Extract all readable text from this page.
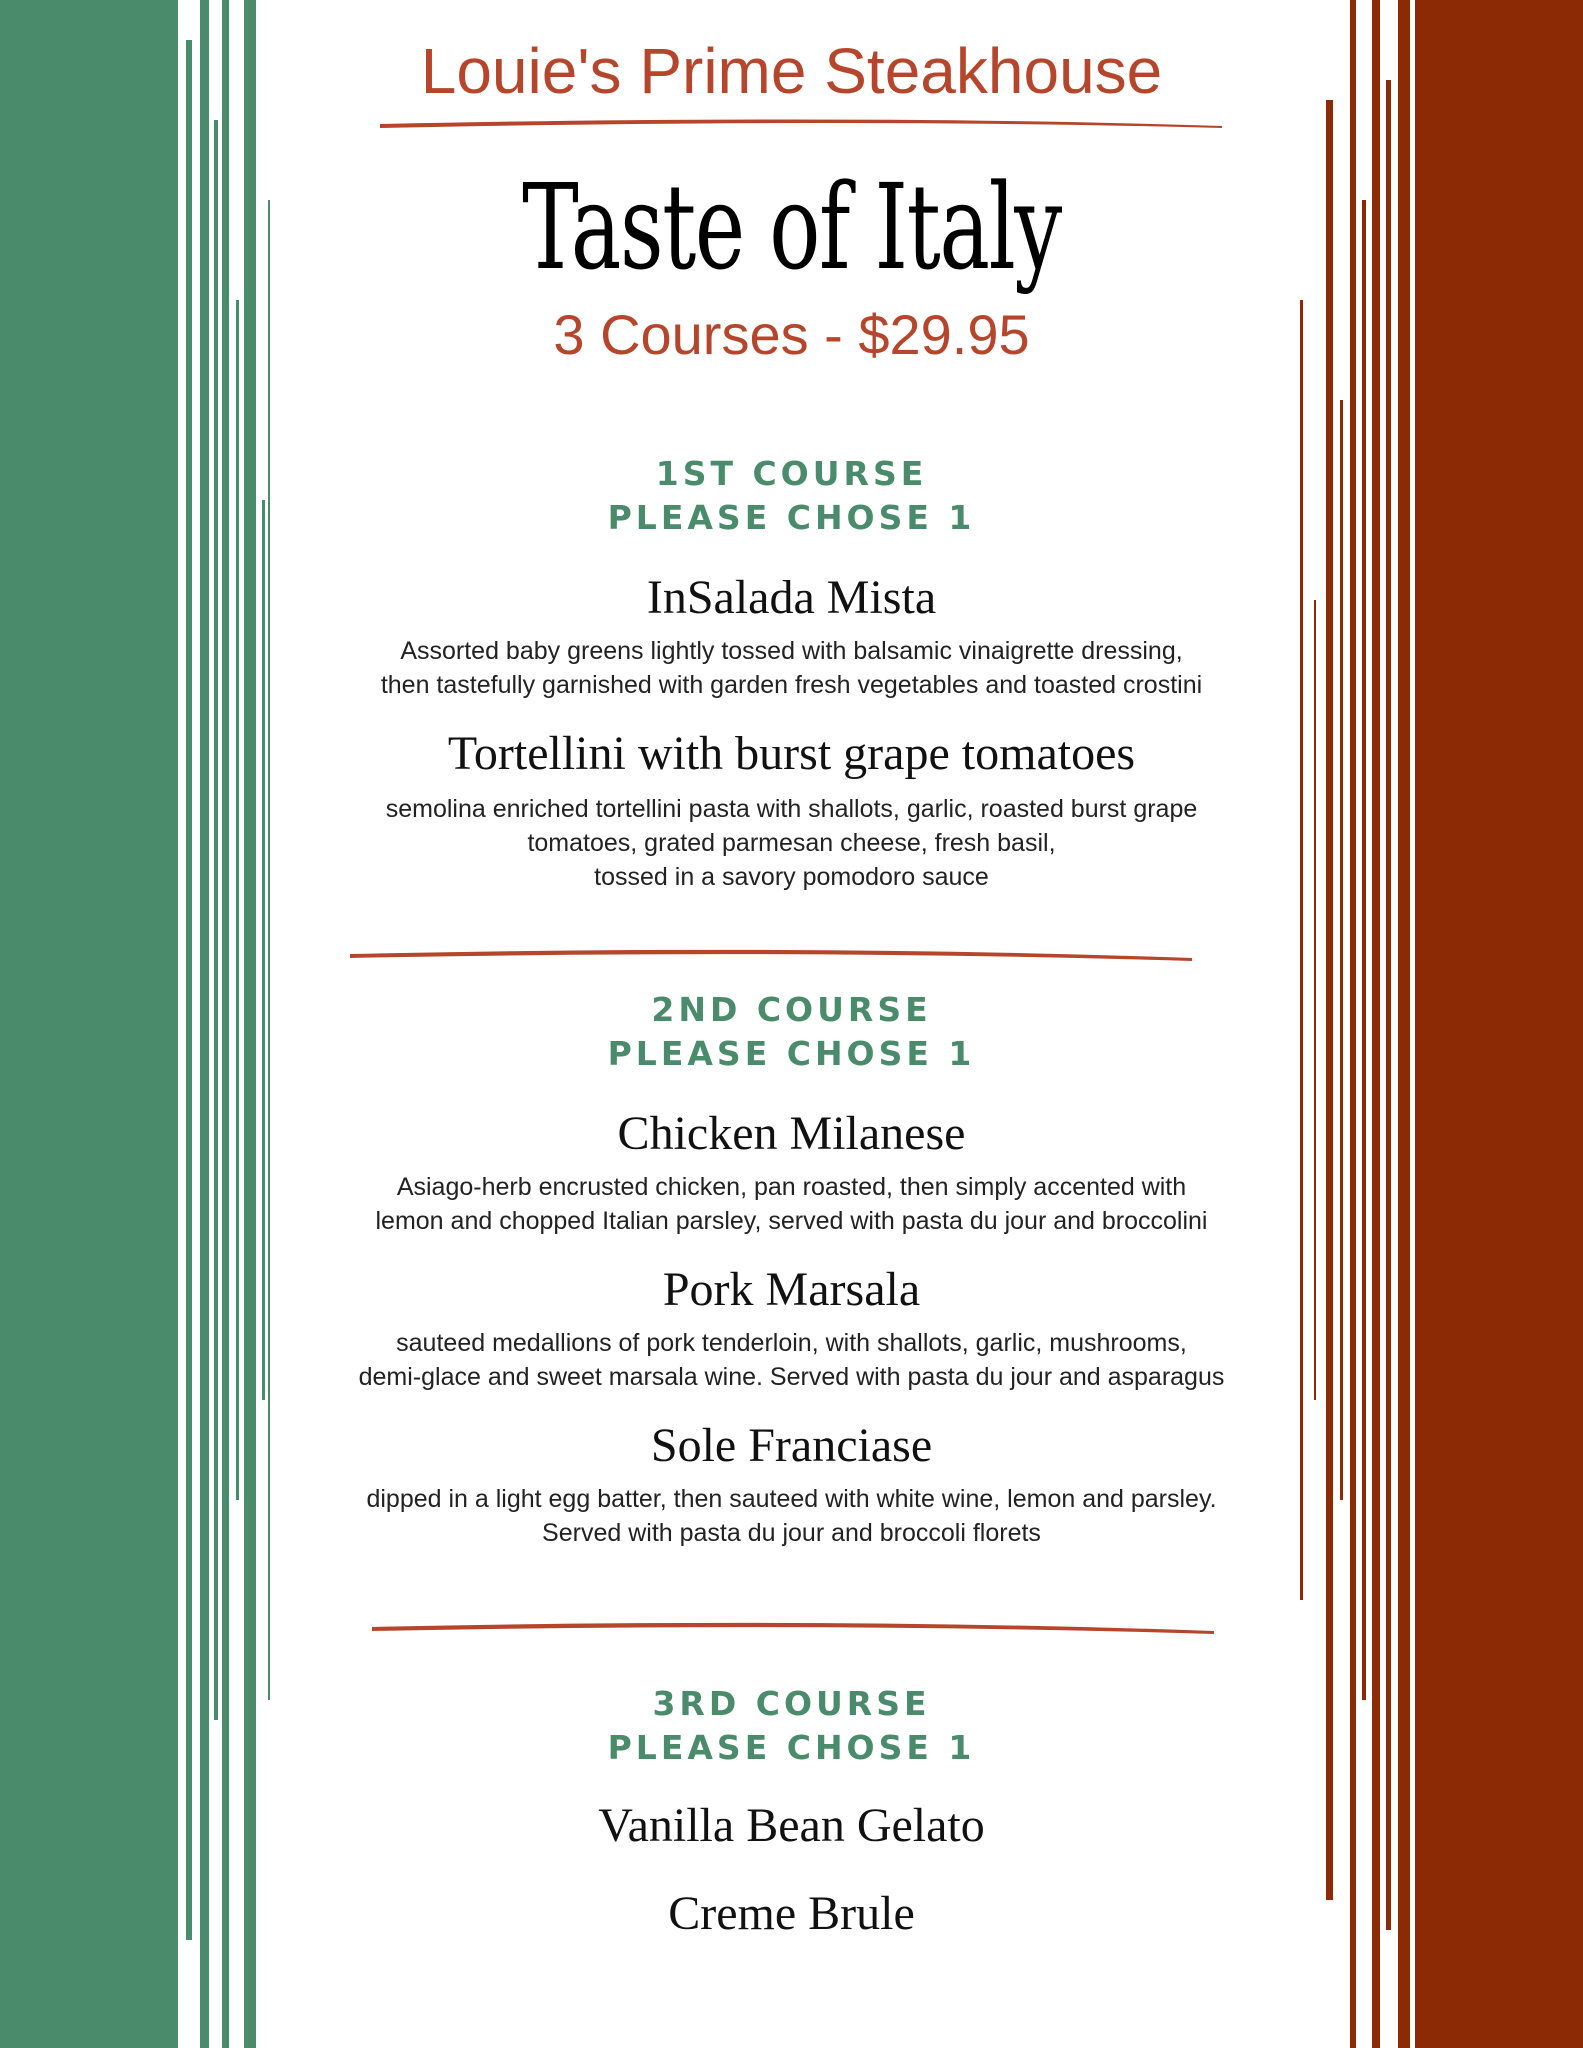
Louie's Prime Steakhouse
Taste of Italy
3 Courses - $29.95
1ST COURSE
PLEASE CHOSE 1
InSalada Mista
Assorted baby greens lightly tossed with balsamic vinaigrette dressing,
then tastefully garnished with garden fresh vegetables and toasted crostini
Tortellini with burst grape tomatoes
semolina enriched tortellini pasta with shallots, garlic, roasted burst grape
tomatoes, grated parmesan cheese, fresh basil,
tossed in a savory pomodoro sauce
2ND COURSE
PLEASE CHOSE 1
Chicken Milanese
Asiago-herb encrusted chicken, pan roasted, then simply accented with
lemon and chopped Italian parsley, served with pasta du jour and broccolini
Pork Marsala
sauteed medallions of pork tenderloin, with shallots, garlic, mushrooms,
demi-glace and sweet marsala wine. Served with pasta du jour and asparagus
Sole Franciase
dipped in a light egg batter, then sauteed with white wine, lemon and parsley.
Served with pasta du jour and broccoli florets
3RD COURSE
PLEASE CHOSE 1
Vanilla Bean Gelato
Creme Brule
